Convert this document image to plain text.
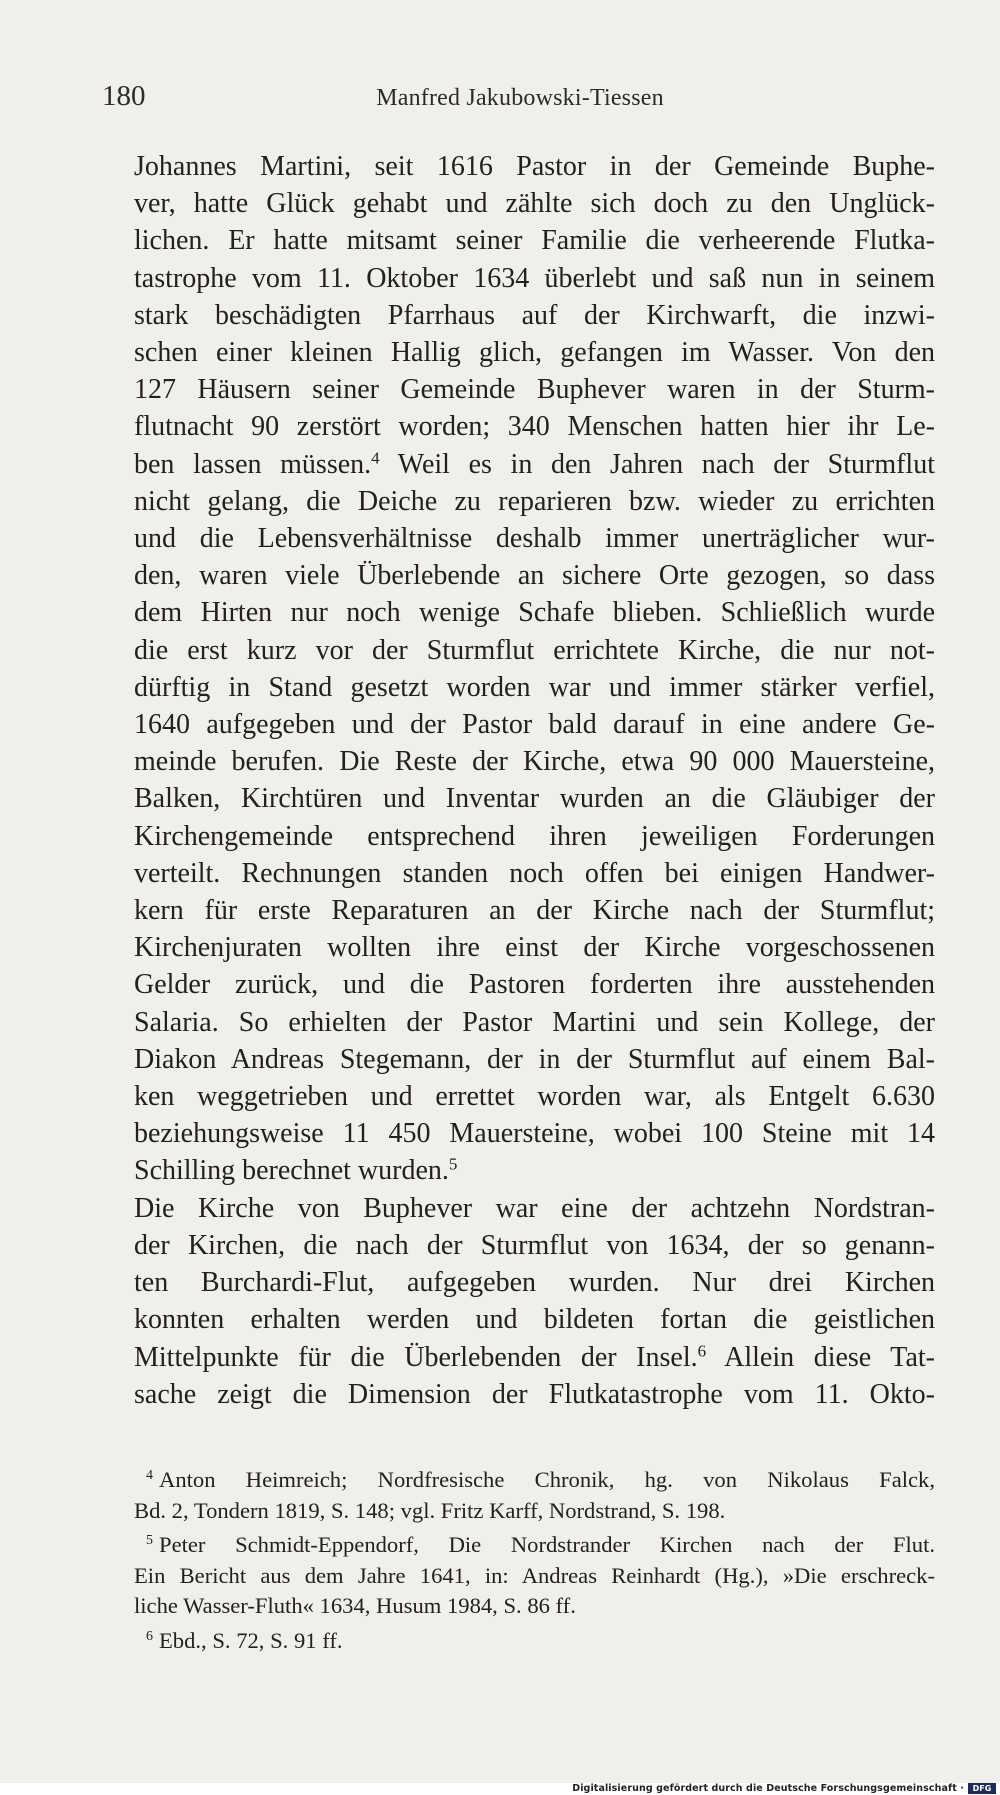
180	Manfred Jakubowski-Tiessen

Johannes Martini, seit 1616 Pastor in der Gemeinde Buphe-
ver, hatte Glück gehabt und zählte sich doch zu den Unglück-
lichen. Er hatte mitsamt seiner Familie die verheerende Flutka-
tastrophe vom 11. Oktober 1634 überlebt und saß nun in seinem
stark beschädigten Pfarrhaus auf der Kirchwarft, die inzwi-
schen einer kleinen Hallig glich, gefangen im Wasser. Von den
127 Häusern seiner Gemeinde Buphever waren in der Sturm-
flutnacht 90 zerstört worden; 340 Menschen hatten hier ihr Le-
ben lassen müssen.$^4$ Weil es in den Jahren nach der Sturmflut
nicht gelang, die Deiche zu reparieren bzw. wieder zu errichten
und die Lebensverhältnisse deshalb immer unerträglicher wur-
den, waren viele Überlebende an sichere Orte gezogen, so dass
dem Hirten nur noch wenige Schafe blieben. Schließlich wurde
die erst kurz vor der Sturmflut errichtete Kirche, die nur not-
dürftig in Stand gesetzt worden war und immer stärker verfiel,
1640 aufgegeben und der Pastor bald darauf in eine andere Ge-
meinde berufen. Die Reste der Kirche, etwa 90 000 Mauersteine,
Balken, Kirchtüren und Inventar wurden an die Gläubiger der
Kirchengemeinde entsprechend ihren jeweiligen Forderungen
verteilt. Rechnungen standen noch offen bei einigen Handwer-
kern für erste Reparaturen an der Kirche nach der Sturmflut;
Kirchenjuraten wollten ihre einst der Kirche vorgeschossenen
Gelder zurück, und die Pastoren forderten ihre ausstehenden
Salaria. So erhielten der Pastor Martini und sein Kollege, der
Diakon Andreas Stegemann, der in der Sturmflut auf einem Bal-
ken weggetrieben und errettet worden war, als Entgelt 6.630
beziehungsweise 11 450 Mauersteine, wobei 100 Steine mit 14
Schilling berechnet wurden.$^5$

Die Kirche von Buphever war eine der achtzehn Nordstran-
der Kirchen, die nach der Sturmflut von 1634, der so genann-
ten Burchardi-Flut, aufgegeben wurden. Nur drei Kirchen
konnten erhalten werden und bildeten fortan die geistlichen
Mittelpunkte für die Überlebenden der Insel.$^6$ Allein diese Tat-
sache zeigt die Dimension der Flutkatastrophe vom 11. Okto-

$^4$ Anton Heimreich; Nordfresische Chronik, hg. von Nikolaus Falck,
Bd. 2, Tondern 1819, S. 148; vgl. Fritz Karff, Nordstrand, S. 198.
$^5$ Peter Schmidt-Eppendorf, Die Nordstrander Kirchen nach der Flut.
Ein Bericht aus dem Jahre 1641, in: Andreas Reinhardt (Hg.), »Die erschreck-
liche Wasser-Fluth« 1634, Husum 1984, S. 86 ff.
$^6$ Ebd., S. 72, S. 91 ff.
Digitalisierung gefördert durch die Deutsche Forschungsgemeinschaft ·	DFG
